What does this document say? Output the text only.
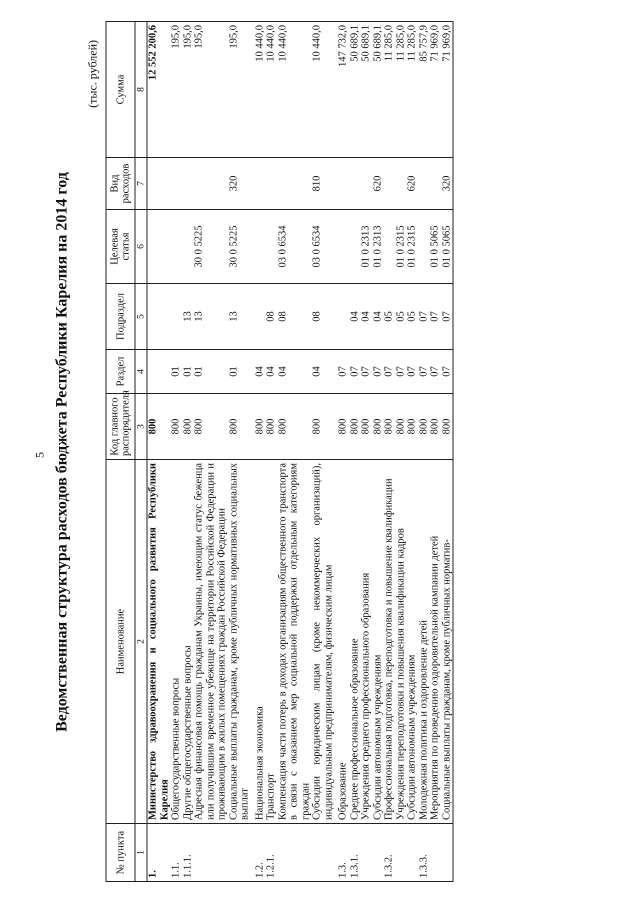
5 Ведомственная структура расходов бюджета Республики Карелия на 2014 год
(тыс. рублей)
№ пункта	Наименование	Код главного распорядителя	Раздел	Подраздел	Целевая статья	Вид расходов	Сумма
1	2	3	4	5	6	7	8
1.	Министерство здравоохранения и социального развития Республики Карелия	800					12 552 200,6
1.1.	Общегосударственные вопросы	800	01				195,0
1.1.1.	Другие общегосударственные вопросы	800	01	13			195,0
	Адресная финансовая помощь гражданам Украины, имеющим статус беженца или получившим временное убежище на территории Российской Федерации и проживающим в жилых помещениях граждан Российской Федерации	800	01	13	30 0 5225		195,0
	Социальные выплаты гражданам, кроме публичных нормативных социальных выплат	800	01	13	30 0 5225	320	195,0

1.2.	Национальная экономика	800	04				10 440,0
1.2.1.	Транспорт	800	04	08			10 440,0
	Компенсация части потерь в доходах организациям общественного транспорта в связи с оказанием мер социальной поддержки отдельным категориям граждан	800	04	08	03 0 6534		10 440,0
	Субсидии юридическим лицам (кроме некоммерческих организаций), индивидуальным предпринимателям, физическим лицам	800	04	08	03 0 6534	810	10 440,0

1.3.	Образование	800	07				147 732,0
1.3.1.	Среднее профессиональное образование	800	07	04			50 689,1
	Учреждения среднего профессионального образования	800	07	04	01 0 2313		50 689,1
	Субсидии автономным учреждениям	800	07	04	01 0 2313	620	50 689,1
1.3.2.	Профессиональная подготовка, переподготовка и повышение квалификации	800	07	05			11 285,0
	Учреждения переподготовки и повышения квалификации кадров	800	07	05	01 0 2315		11 285,0
	Субсидии автономным учреждениям	800	07	05	01 0 2315	620	11 285,0
1.3.3.	Молодежная политика и оздоровление детей	800	07	07			85 757,9
	Мероприятия по проведению оздоровительной кампании детей	800	07	07	01 0 5065		71 969,0
	Социальные выплаты гражданам, кроме публичных норматив-	800	07	07	01 0 5065	320	71 969,0
